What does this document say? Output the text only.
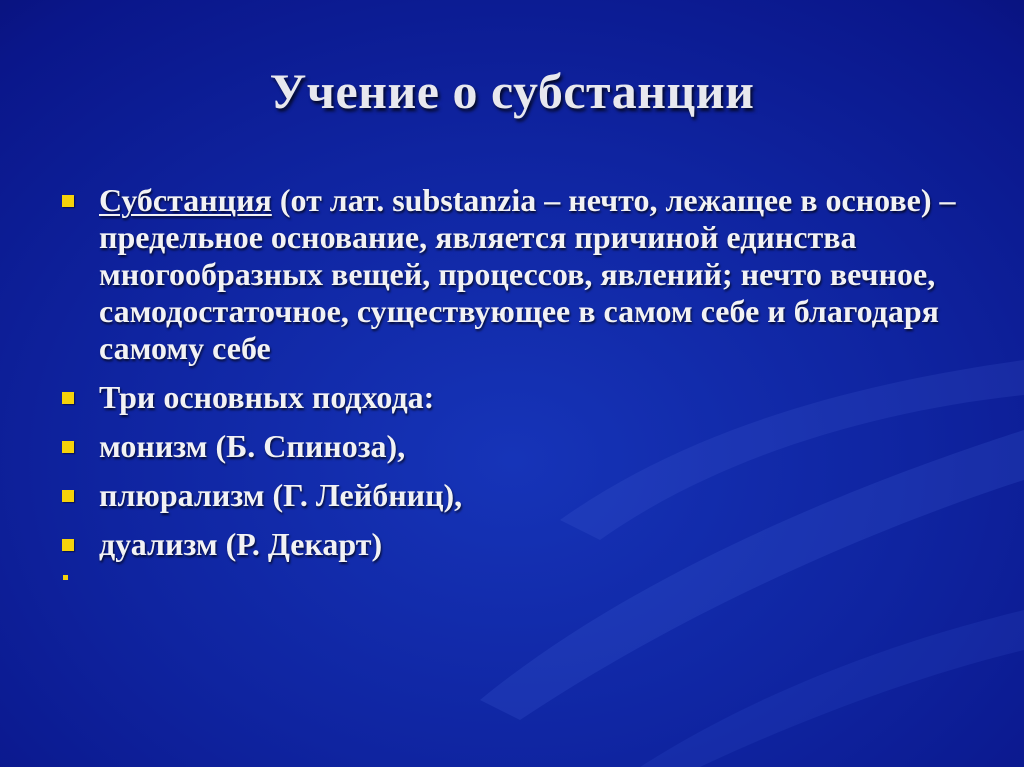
Учение о субстанции
Субстанция (от лат. substanzia – нечто, лежащее в основе) – предельное основание, является причиной единства многообразных вещей, процессов, явлений; нечто вечное, самодостаточное, существующее в самом себе и благодаря самому себе
Три основных подхода:
монизм (Б. Спиноза),
плюрализм (Г. Лейбниц),
дуализм (Р. Декарт)
